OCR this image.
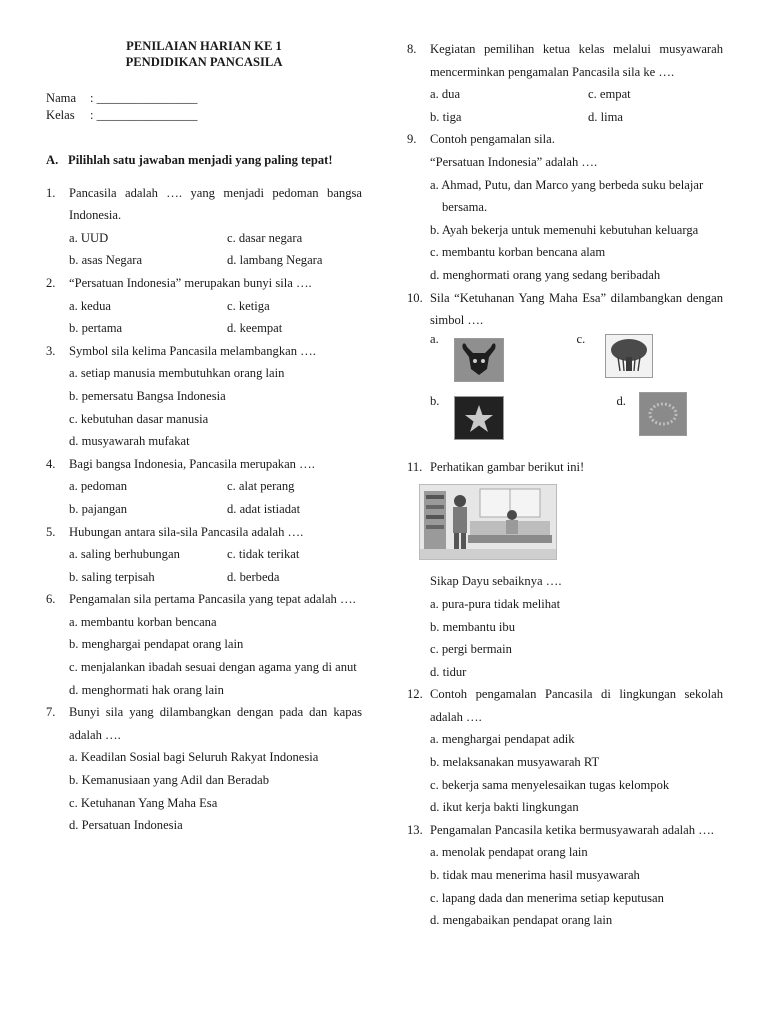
PENILAIAN HARIAN KE 1
PENDIDIKAN PANCASILA
Nama	: ________________
Kelas	: ________________
A. Pilihlah satu jawaban menjadi yang paling tepat!
1.	Pancasila adalah …. yang menjadi pedoman bangsa Indonesia.
a. UUD	c. dasar negara
b. asas Negara	d. lambang Negara
2.	“Persatuan Indonesia” merupakan bunyi sila ….
a. kedua	c. ketiga
b. pertama	d. keempat
3.	Symbol sila kelima Pancasila melambangkan ….
a. setiap manusia membutuhkan orang lain
b. pemersatu Bangsa Indonesia
c. kebutuhan dasar manusia
d. musyawarah mufakat
4.	Bagi bangsa Indonesia, Pancasila merupakan ….
a. pedoman	c. alat perang
b. pajangan	d. adat istiadat
5.	Hubungan antara sila-sila Pancasila adalah ….
a. saling berhubungan	c. tidak terikat
b. saling terpisah	d. berbeda
6.	Pengamalan sila pertama Pancasila yang tepat adalah ….
a. membantu korban bencana
b. menghargai pendapat orang lain
c. menjalankan ibadah sesuai dengan agama yang di anut
d. menghormati hak orang lain
7.	Bunyi sila yang dilambangkan dengan pada dan kapas adalah ….
a. Keadilan Sosial bagi Seluruh Rakyat Indonesia
b. Kemanusiaan yang Adil dan Beradab
c. Ketuhanan Yang Maha Esa
d. Persatuan Indonesia
8.	Kegiatan pemilihan ketua kelas melalui musyawarah mencerminkan pengamalan Pancasila sila ke ….
a. dua	c. empat
b. tiga	d. lima
9.	Contoh pengamalan sila.
“Persatuan Indonesia” adalah ….
a. Ahmad, Putu, dan Marco yang berbeda suku belajar bersama.
b. Ayah bekerja untuk memenuhi kebutuhan keluarga
c. membantu korban bencana alam
d. menghormati orang yang sedang beribadah
10. Sila “Ketuhanan Yang Maha Esa” dilambangkan dengan simbol ….
a.	c.
b.	d.
11. Perhatikan gambar berikut ini!
Sikap Dayu sebaiknya ….
a. pura-pura tidak melihat
b. membantu ibu
c. pergi bermain
d. tidur
12. Contoh pengamalan Pancasila di lingkungan sekolah adalah ….
a. menghargai pendapat adik
b. melaksanakan musyawarah RT
c. bekerja sama menyelesaikan tugas kelompok
d. ikut kerja bakti lingkungan
13. Pengamalan Pancasila ketika bermusyawarah adalah ….
a. menolak pendapat orang lain
b. tidak mau menerima hasil musyawarah
c. lapang dada dan menerima setiap keputusan
d. mengabaikan pendapat orang lain
